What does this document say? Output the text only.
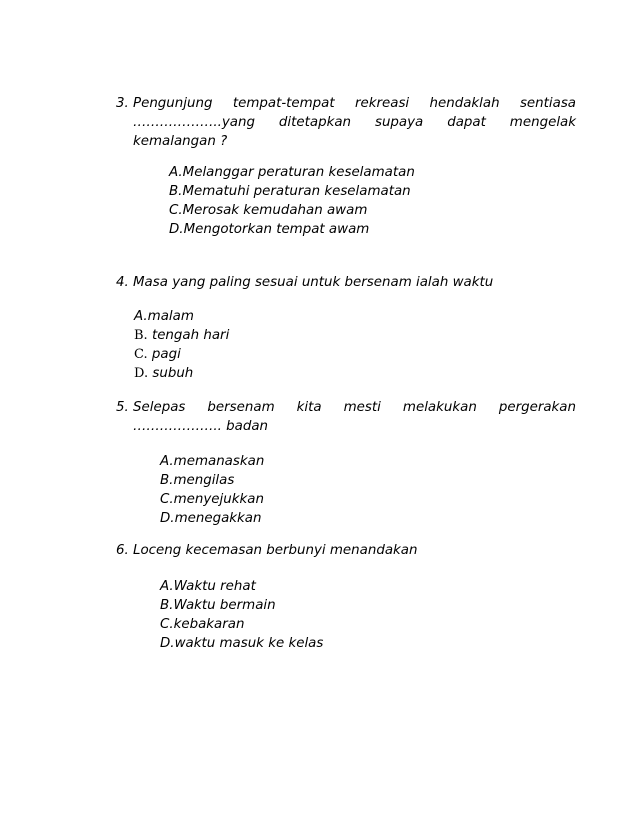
3. Pengunjung tempat-tempat rekreasi hendaklah sentiasa
………………..yang ditetapkan supaya dapat mengelak
kemalangan ?
A.Melanggar peraturan keselamatan
B.Mematuhi peraturan keselamatan
C.Merosak kemudahan awam
D.Mengotorkan tempat awam
4. Masa yang paling sesuai untuk bersenam ialah waktu
A.malam
B. tengah hari
C. pagi
D. subuh
5. Selepas bersenam kita mesti melakukan pergerakan
……………….. badan
A.memanaskan
B.mengilas
C.menyejukkan
D.menegakkan
6. Loceng kecemasan berbunyi menandakan
A.Waktu rehat
B.Waktu bermain
C.kebakaran
D.waktu masuk ke kelas
